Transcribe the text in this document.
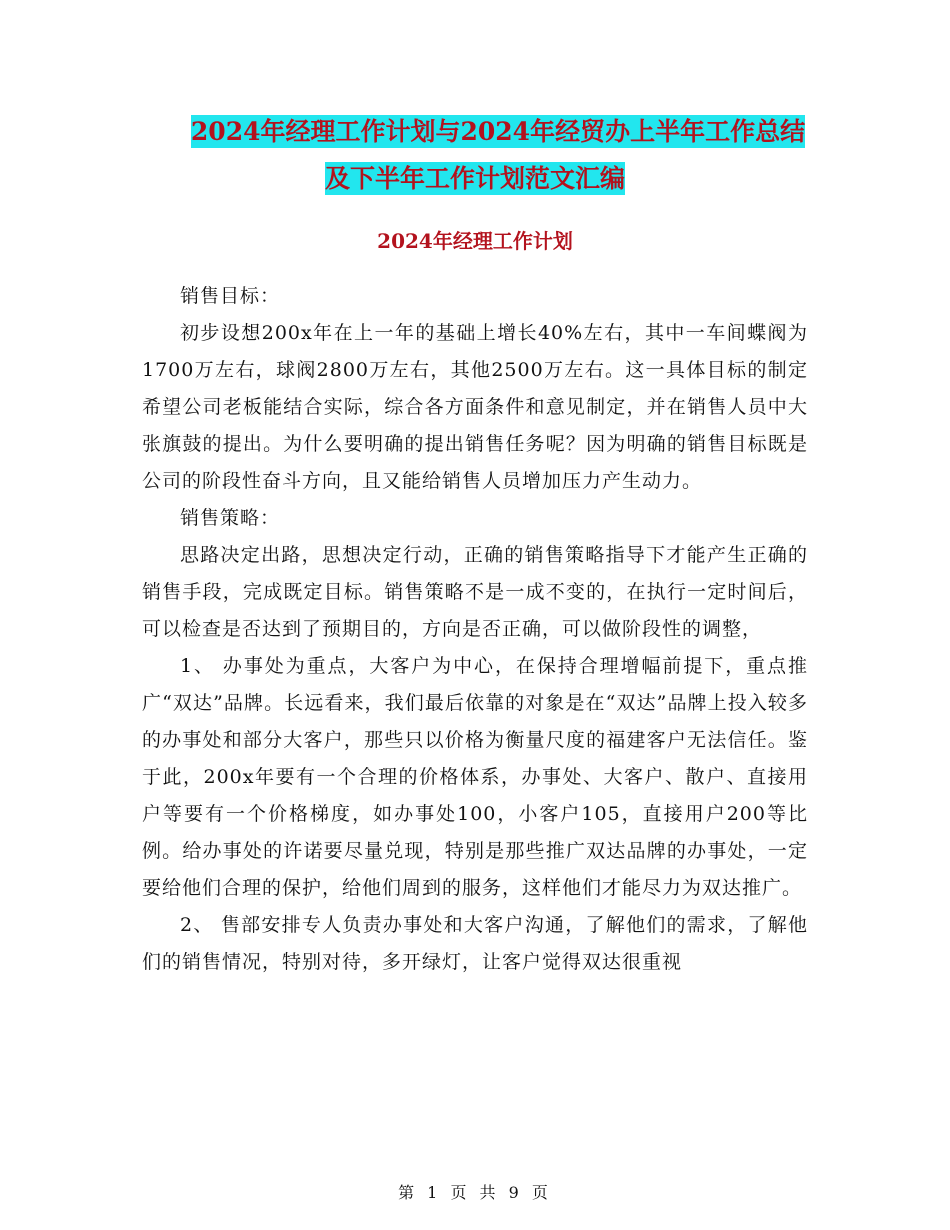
2024年经理工作计划与2024年经贸办上半年工作总结
及下半年工作计划范文汇编
2024年经理工作计划

销售目标：

初步设想200x年在上一年的基础上增长40%左右，其中一车间蝶阀为1700万左右，球阀2800万左右，其他2500万左右。这一具体目标的制定希望公司老板能结合实际，综合各方面条件和意见制定，并在销售人员中大张旗鼓的提出。为什么要明确的提出销售任务呢？因为明确的销售目标既是公司的阶段性奋斗方向，且又能给销售人员增加压力产生动力。

销售策略：

思路决定出路，思想决定行动，正确的销售策略指导下才能产生正确的销售手段，完成既定目标。销售策略不是一成不变的，在执行一定时间后，可以检查是否达到了预期目的，方向是否正确，可以做阶段性的调整，

1、 办事处为重点，大客户为中心，在保持合理增幅前提下，重点推广“双达”品牌。长远看来，我们最后依靠的对象是在“双达”品牌上投入较多的办事处和部分大客户，那些只以价格为衡量尺度的福建客户无法信任。鉴于此，200x年要有一个合理的价格体系，办事处、大客户、散户、直接用户等要有一个价格梯度，如办事处100，小客户105，直接用户200等比例。给办事处的许诺要尽量兑现，特别是那些推广双达品牌的办事处，一定要给他们合理的保护，给他们周到的服务，这样他们才能尽力为双达推广。

2、 售部安排专人负责办事处和大客户沟通，了解他们的需求，了解他们的销售情况，特别对待，多开绿灯，让客户觉得双达很重视

第 1 页 共 9 页
